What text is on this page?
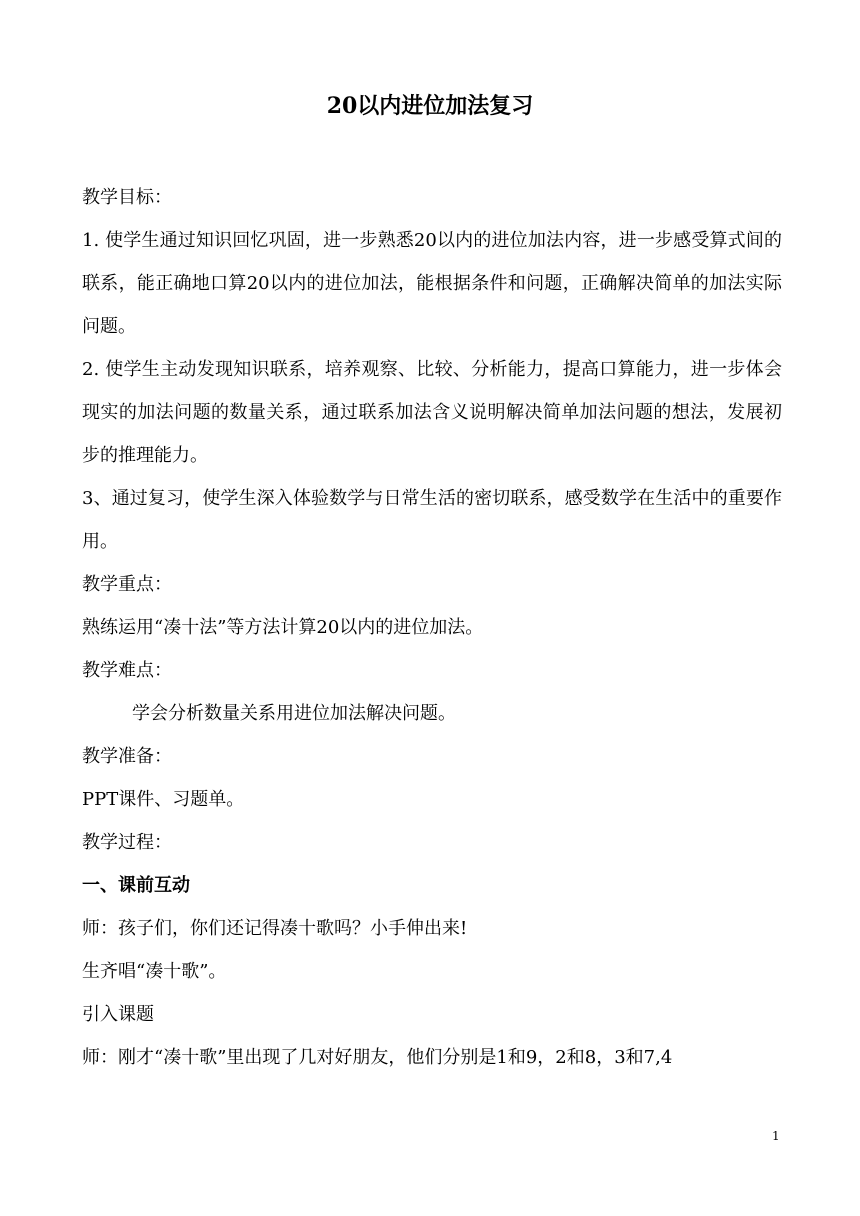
20以内进位加法复习

教学目标：

1. 使学生通过知识回忆巩固，进一步熟悉20以内的进位加法内容，进一步感受算式间的联系，能正确地口算20以内的进位加法，能根据条件和问题，正确解决简单的加法实际问题。

2. 使学生主动发现知识联系，培养观察、比较、分析能力，提高口算能力，进一步体会现实的加法问题的数量关系，通过联系加法含义说明解决简单加法问题的想法，发展初步的推理能力。

3、通过复习，使学生深入体验数学与日常生活的密切联系，感受数学在生活中的重要作用。

教学重点：

熟练运用“凑十法”等方法计算20以内的进位加法。

教学难点：

学会分析数量关系用进位加法解决问题。

教学准备：

PPT课件、习题单。

教学过程：

一、课前互动

师：孩子们，你们还记得凑十歌吗？小手伸出来!

生齐唱“凑十歌”。

引入课题

师：刚才“凑十歌”里出现了几对好朋友，他们分别是1和9，2和8，3和7,4

1
